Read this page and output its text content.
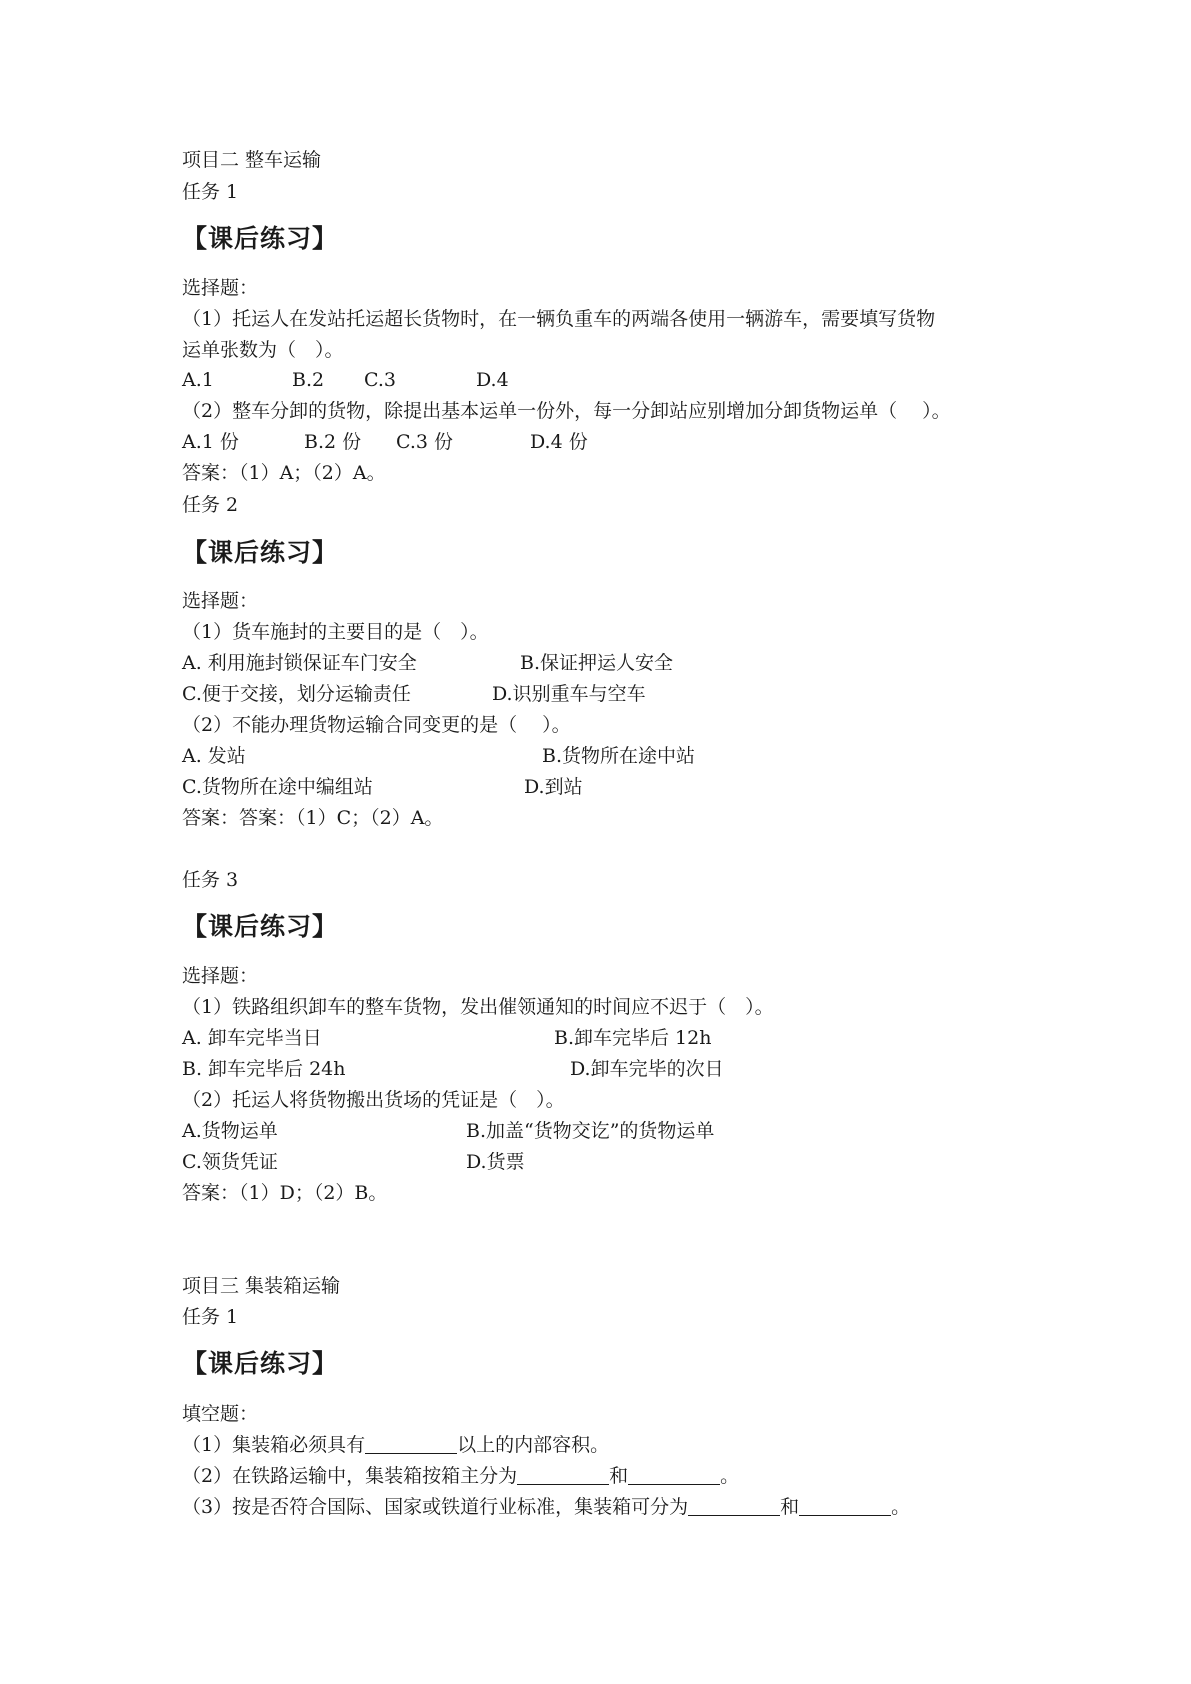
项目二 整车运输
任务 1
【课后练习】
选择题：
（1）托运人在发站托运超长货物时，在一辆负重车的两端各使用一辆游车，需要填写货物
运单张数为（　）。
A.1	B.2 C.3	D.4
（2）整车分卸的货物，除提出基本运单一份外，每一分卸站应别增加分卸货物运单（　 ）。
A.1 份	B.2 份 C.3 份	D.4 份
答案：（1）A；（2）A。
任务 2
【课后练习】
选择题：
（1）货车施封的主要目的是（　）。
A. 利用施封锁保证车门安全	B.保证押运人安全
C.便于交接，划分运输责任	D.识别重车与空车
（2）不能办理货物运输合同变更的是（　 ）。
A. 发站	B.货物所在途中站
C.货物所在途中编组站	D.到站
答案：答案：（1）C；（2）A。
任务 3
【课后练习】
选择题：
（1）铁路组织卸车的整车货物，发出催领通知的时间应不迟于（　）。
A. 卸车完毕当日	B.卸车完毕后 12h
B. 卸车完毕后 24h	D.卸车完毕的次日
（2）托运人将货物搬出货场的凭证是（　）。
A.货物运单	B.加盖“货物交讫”的货物运单
C.领货凭证	D.货票
答案：（1）D；（2）B。
项目三 集装箱运输
任务 1
【课后练习】
填空题：
（1）集装箱必须具有	以上的内部容积。
（2）在铁路运输中，集装箱按箱主分为	和	。
（3）按是否符合国际、国家或铁道行业标准，集装箱可分为	和	。
